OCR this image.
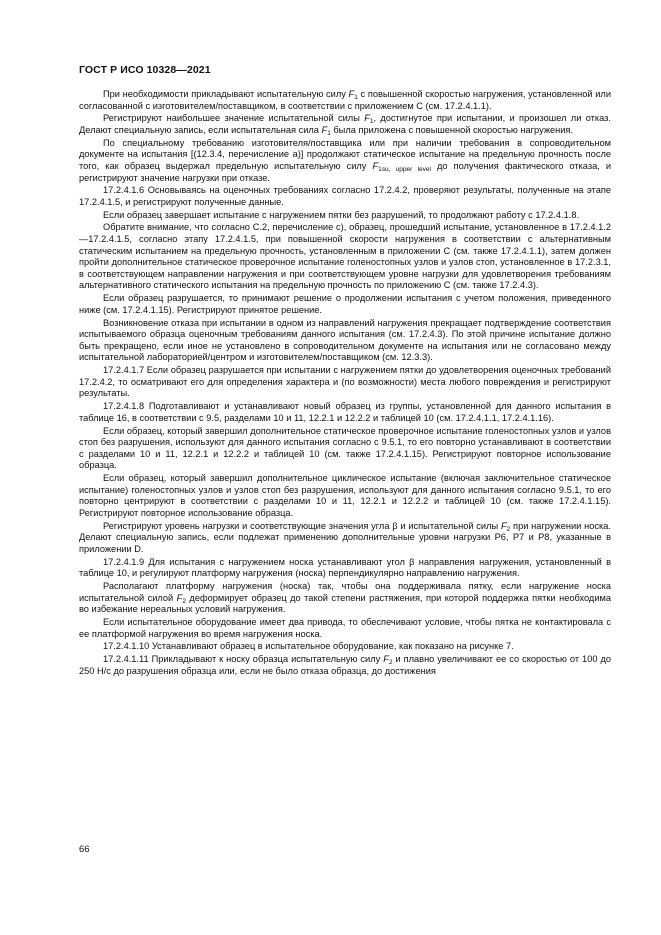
ГОСТ Р ИСО 10328—2021

При необходимости прикладывают испытательную силу $F_1$ с повышенной скоростью нагружения, установленной или согласованной с изготовителем/поставщиком, в соответствии с приложением C (см. 17.2.4.1.1).

Регистрируют наибольшее значение испытательной силы $F_1$, достигнутое при испытании, и произошел ли отказ. Делают специальную запись, если испытательная сила $F_1$ была приложена с повышенной скоростью нагружения.

По специальному требованию изготовителя/поставщика или при наличии требования в сопроводительном документе на испытания [(12.3.4, перечисление a)] продолжают статическое испытание на предельную прочность после того, как образец выдержал предельную испытательную силу $F_{1su, upper level}$ до получения фактического отказа, и регистрируют значение нагрузки при отказе.

17.2.4.1.6 Основываясь на оценочных требованиях согласно 17.2.4.2, проверяют результаты, полученные на этапе 17.2.4.1.5, и регистрируют полученные данные.

Если образец завершает испытание с нагружением пятки без разрушений, то продолжают работу с 17.2.4.1.8.

Обратите внимание, что согласно C.2, перечисление c), образец, прошедший испытание, установленное в 17.2.4.1.2—17.2.4.1.5, согласно этапу 17.2.4.1.5, при повышенной скорости нагружения в соответствии с альтернативным статическим испытанием на предельную прочность, установленным в приложении C (см. также 17.2.4.1.1), затем должен пройти дополнительное статическое проверочное испытание голеностопных узлов и узлов стоп, установленное в 17.2.3.1, в соответствующем направлении нагружения и при соответствующем уровне нагрузки для удовлетворения требованиям альтернативного статического испытания на предельную прочность по приложению C (см. также 17.2.4.3).

Если образец разрушается, то принимают решение о продолжении испытания с учетом положения, приведенного ниже (см. 17.2.4.1.15). Регистрируют принятое решение.

Возникновение отказа при испытании в одном из направлений нагружения прекращает подтверждение соответствия испытываемого образца оценочным требованиям данного испытания (см. 17.2.4.3). По этой причине испытание должно быть прекращено, если иное не установлено в сопроводительном документе на испытания или не согласовано между испытательной лабораторией/центром и изготовителем/поставщиком (см. 12.3.3).

17.2.4.1.7 Если образец разрушается при испытании с нагружением пятки до удовлетворения оценочных требований 17.2.4.2, то осматривают его для определения характера и (по возможности) места любого повреждения и регистрируют результаты.

17.2.4.1.8 Подготавливают и устанавливают новый образец из группы, установленной для данного испытания в таблице 16, в соответствии с 9.5, разделами 10 и 11, 12.2.1 и 12.2.2 и таблицей 10 (см. 17.2.4.1.1, 17.2.4.1.16).

Если образец, который завершил дополнительное статическое проверочное испытание голеностопных узлов и узлов стоп без разрушения, используют для данного испытания согласно с 9.5.1, то его повторно устанавливают в соответствии с разделами 10 и 11, 12.2.1 и 12.2.2 и таблицей 10 (см. также 17.2.4.1.15). Регистрируют повторное использование образца.

Если образец, который завершил дополнительное циклическое испытание (включая заключительное статическое испытание) голеностопных узлов и узлов стоп без разрушения, используют для данного испытания согласно 9.5.1, то его повторно центрируют в соответствии с разделами 10 и 11, 12.2.1 и 12.2.2 и таблицей 10 (см. также 17.2.4.1.15). Регистрируют повторное использование образца.

Регистрируют уровень нагрузки и соответствующие значения угла β и испытательной силы $F_2$ при нагружении носка. Делают специальную запись, если подлежат применению дополнительные уровни нагрузки P6, P7 и P8, указанные в приложении D.

17.2.4.1.9 Для испытания с нагружением носка устанавливают угол β направления нагружения, установленный в таблице 10, и регулируют платформу нагружения (носка) перпендикулярно направлению нагружения.

Располагают платформу нагружения (носка) так, чтобы она поддерживала пятку, если нагружение носка испытательной силой $F_2$ деформирует образец до такой степени растяжения, при которой поддержка пятки необходима во избежание нереальных условий нагружения.

Если испытательное оборудование имеет два привода, то обеспечивают условие, чтобы пятка не контактировала с ее платформой нагружения во время нагружения носка.

17.2.4.1.10 Устанавливают образец в испытательное оборудование, как показано на рисунке 7.

17.2.4.1.11 Прикладывают к носку образца испытательную силу $F_2$ и плавно увеличивают ее со скоростью от 100 до 250 Н/с до разрушения образца или, если не было отказа образца, до достижения

66
